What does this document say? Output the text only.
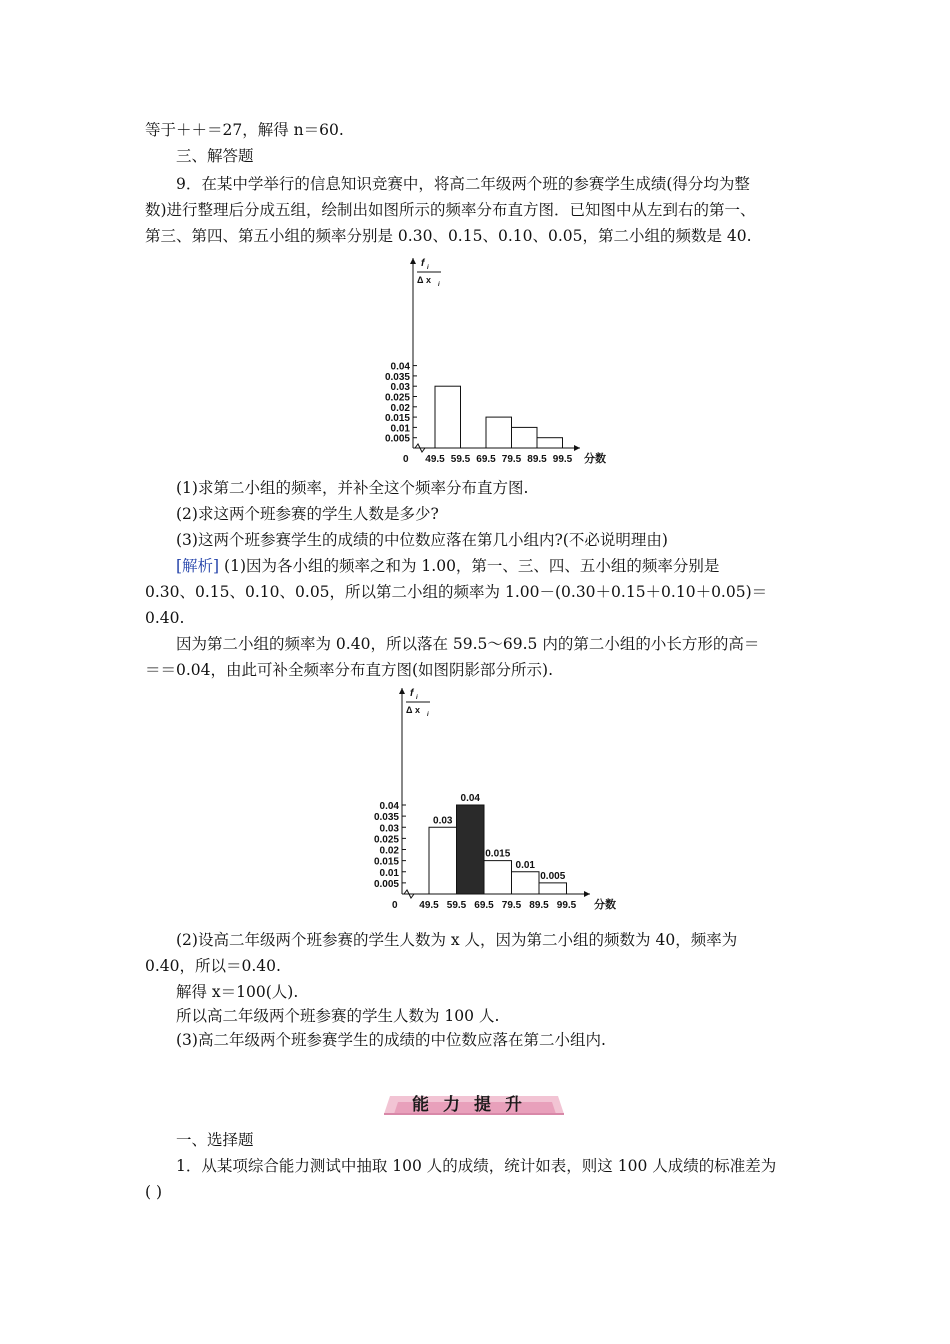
等于＋＋＝27，解得 n＝60.
三、解答题
9．在某中学举行的信息知识竞赛中，将高二年级两个班的参赛学生成绩(得分均为整
数)进行整理后分成五组，绘制出如图所示的频率分布直方图．已知图中从左到右的第一、
第三、第四、第五小组的频率分别是 0.30、0.15、0.10、0.05，第二小组的频数是 40.
f i
Δ x i
0.005
0.01
0.015
0.02
0.025
0.03
0.035
0.04
0 49.5 59.5 69.5 79.5 89.5 99.5 分数
(1)求第二小组的频率，并补全这个频率分布直方图.
(2)求这两个班参赛的学生人数是多少?
(3)这两个班参赛学生的成绩的中位数应落在第几小组内?(不必说明理由)
[解析] (1)因为各小组的频率之和为 1.00，第一、三、四、五小组的频率分别是
0.30、0.15、0.10、0.05，所以第二小组的频率为 1.00－(0.30＋0.15＋0.10＋0.05)＝
0.40.
因为第二小组的频率为 0.40，所以落在 59.5～69.5 内的第二小组的小长方形的高＝
＝＝0.04，由此可补全频率分布直方图(如图阴影部分所示).
f i
Δ x i
0.005
0.01
0.015
0.02
0.025
0.03
0.035
0.04
0 49.5 59.5 69.5 79.5 89.5 99.5 分数
0.03
0.04
0.015
0.01
0.005
(2)设高二年级两个班参赛的学生人数为 x 人，因为第二小组的频数为 40，频率为
0.40，所以＝0.40.
解得 x＝100(人).
所以高二年级两个班参赛的学生人数为 100 人.
(3)高二年级两个班参赛学生的成绩的中位数应落在第二小组内.
能力提升
一、选择题
1．从某项综合能力测试中抽取 100 人的成绩，统计如表，则这 100 人成绩的标准差为
( )
